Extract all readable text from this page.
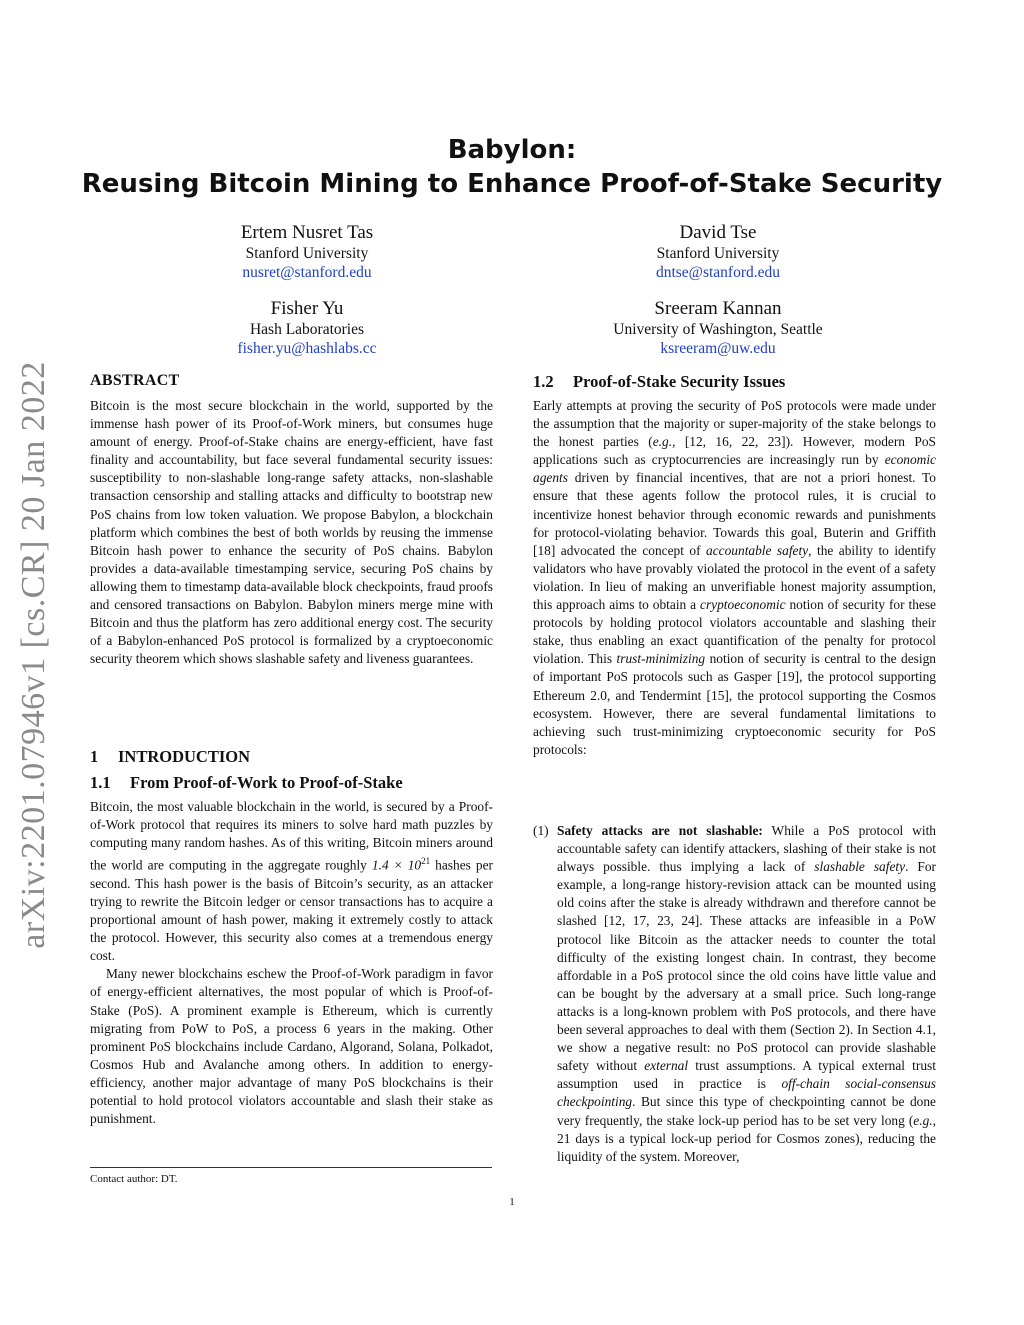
arXiv:2201.07946v1 [cs.CR] 20 Jan 2022
Babylon:
Reusing Bitcoin Mining to Enhance Proof-of-Stake Security
Ertem Nusret Tas
Stanford University
nusret@stanford.edu
David Tse
Stanford University
dntse@stanford.edu
Fisher Yu
Hash Laboratories
fisher.yu@hashlabs.cc
Sreeram Kannan
University of Washington, Seattle
ksreeram@uw.edu
ABSTRACT

Bitcoin is the most secure blockchain in the world, supported by the immense hash power of its Proof-of-Work miners, but consumes huge amount of energy. Proof-of-Stake chains are energy-efficient, have fast finality and accountability, but face several fundamental security issues: susceptibility to non-slashable long-range safety attacks, non-slashable transaction censorship and stalling attacks and difficulty to bootstrap new PoS chains from low token valuation. We propose Babylon, a blockchain platform which combines the best of both worlds by reusing the immense Bitcoin hash power to enhance the security of PoS chains. Babylon provides a data-available timestamping service, securing PoS chains by allowing them to timestamp data-available block checkpoints, fraud proofs and censored transactions on Babylon. Babylon miners merge mine with Bitcoin and thus the platform has zero additional energy cost. The security of a Babylon-enhanced PoS protocol is formalized by a cryptoeconomic security theorem which shows slashable safety and liveness guarantees.

1 INTRODUCTION
1.1 From Proof-of-Work to Proof-of-Stake

Bitcoin, the most valuable blockchain in the world, is secured by a Proof-of-Work protocol that requires its miners to solve hard math puzzles by computing many random hashes. As of this writing, Bitcoin miners around the world are computing in the aggregate roughly $1.4 \times 10^{21}$ hashes per second. This hash power is the basis of Bitcoin’s security, as an attacker trying to rewrite the Bitcoin ledger or censor transactions has to acquire a proportional amount of hash power, making it extremely costly to attack the protocol. However, this security also comes at a tremendous energy cost.

Many newer blockchains eschew the Proof-of-Work paradigm in favor of energy-efficient alternatives, the most popular of which is Proof-of-Stake (PoS). A prominent example is Ethereum, which is currently migrating from PoW to PoS, a process 6 years in the making. Other prominent PoS blockchains include Cardano, Algorand, Solana, Polkadot, Cosmos Hub and Avalanche among others. In addition to energy-efficiency, another major advantage of many PoS blockchains is their potential to hold protocol violators accountable and slash their stake as punishment.

Contact author: DT.
1
1.2 Proof-of-Stake Security Issues

Early attempts at proving the security of PoS protocols were made under the assumption that the majority or super-majority of the stake belongs to the honest parties (e.g., [12, 16, 22, 23]). However, modern PoS applications such as cryptocurrencies are increasingly run by economic agents driven by financial incentives, that are not a priori honest. To ensure that these agents follow the protocol rules, it is crucial to incentivize honest behavior through economic rewards and punishments for protocol-violating behavior. Towards this goal, Buterin and Griffith [18] advocated the concept of accountable safety, the ability to identify validators who have provably violated the protocol in the event of a safety violation. In lieu of making an unverifiable honest majority assumption, this approach aims to obtain a cryptoeconomic notion of security for these protocols by holding protocol violators accountable and slashing their stake, thus enabling an exact quantification of the penalty for protocol violation. This trust-minimizing notion of security is central to the design of important PoS protocols such as Gasper [19], the protocol supporting Ethereum 2.0, and Tendermint [15], the protocol supporting the Cosmos ecosystem. However, there are several fundamental limitations to achieving such trust-minimizing cryptoeconomic security for PoS protocols:

(1) Safety attacks are not slashable: While a PoS protocol with accountable safety can identify attackers, slashing of their stake is not always possible. thus implying a lack of slashable safety. For example, a long-range history-revision attack can be mounted using old coins after the stake is already withdrawn and therefore cannot be slashed [12, 17, 23, 24]. These attacks are infeasible in a PoW protocol like Bitcoin as the attacker needs to counter the total difficulty of the existing longest chain. In contrast, they become affordable in a PoS protocol since the old coins have little value and can be bought by the adversary at a small price. Such long-range attacks is a long-known problem with PoS protocols, and there have been several approaches to deal with them (Section 2). In Section 4.1, we show a negative result: no PoS protocol can provide slashable safety without external trust assumptions. A typical external trust assumption used in practice is off-chain social-consensus checkpointing. But since this type of checkpointing cannot be done very frequently, the stake lock-up period has to be set very long (e.g., 21 days is a typical lock-up period for Cosmos zones), reducing the liquidity of the system. Moreover,
